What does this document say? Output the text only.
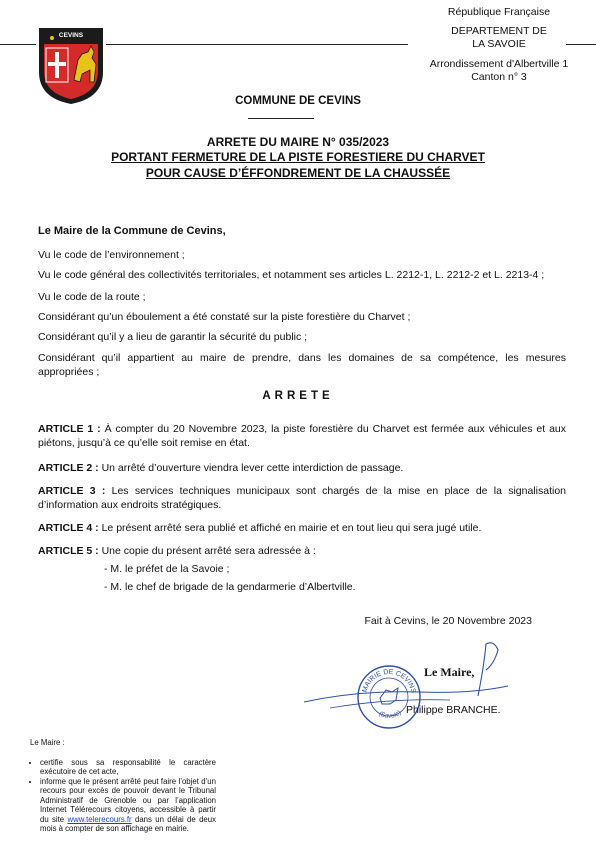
CEVINS
République Française
DEPARTEMENT DE
LA SAVOIE
Arrondissement d'Albertville 1
Canton n° 3
COMMUNE DE CEVINS
ARRETE DU MAIRE N° 035/2023
PORTANT FERMETURE DE LA PISTE FORESTIERE DU CHARVET
POUR CAUSE D’ÉFFONDREMENT DE LA CHAUSSÉE
Le Maire de la Commune de Cevins,
Vu le code de l’environnement ;
Vu le code général des collectivités territoriales, et notamment ses articles L. 2212-1, L. 2212-2 et L. 2213-4 ;
Vu le code de la route ;
Considérant qu’un éboulement a été constaté sur la piste forestière du Charvet ;
Considérant qu’il y a lieu de garantir la sécurité du public ;
Considérant qu’il appartient au maire de prendre, dans les domaines de sa compétence, les mesures appropriées ;
ARRETE
ARTICLE 1 : À compter du 20 Novembre 2023, la piste forestière du Charvet est fermée aux véhicules et aux piétons, jusqu’à ce qu’elle soit remise en état.
ARTICLE 2 : Un arrêté d’ouverture viendra lever cette interdiction de passage.
ARTICLE 3 : Les services techniques municipaux sont chargés de la mise en place de la signalisation d’information aux endroits stratégiques.
ARTICLE 4 : Le présent arrêté sera publié et affiché en mairie et en tout lieu qui sera jugé utile.
ARTICLE 5 : Une copie du présent arrêté sera adressée à :
- M. le préfet de la Savoie ;
- M. le chef de brigade de la gendarmerie d’Albertville.
Fait à Cevins, le 20 Novembre 2023
MAIRIE DE CEVINS
(Savoie)
Le Maire,
Philippe BRANCHE.
Le Maire :
• certifie sous sa responsabilité le caractère exécutoire de cet acte,
• informe que le présent arrêté peut faire l’objet d’un recours pour excès de pouvoir devant le Tribunal Administratif de Grenoble ou par l’application Internet Télérecours citoyens, accessible à partir du site www.telerecours.fr dans un délai de deux mois à compter de son affichage en mairie.
